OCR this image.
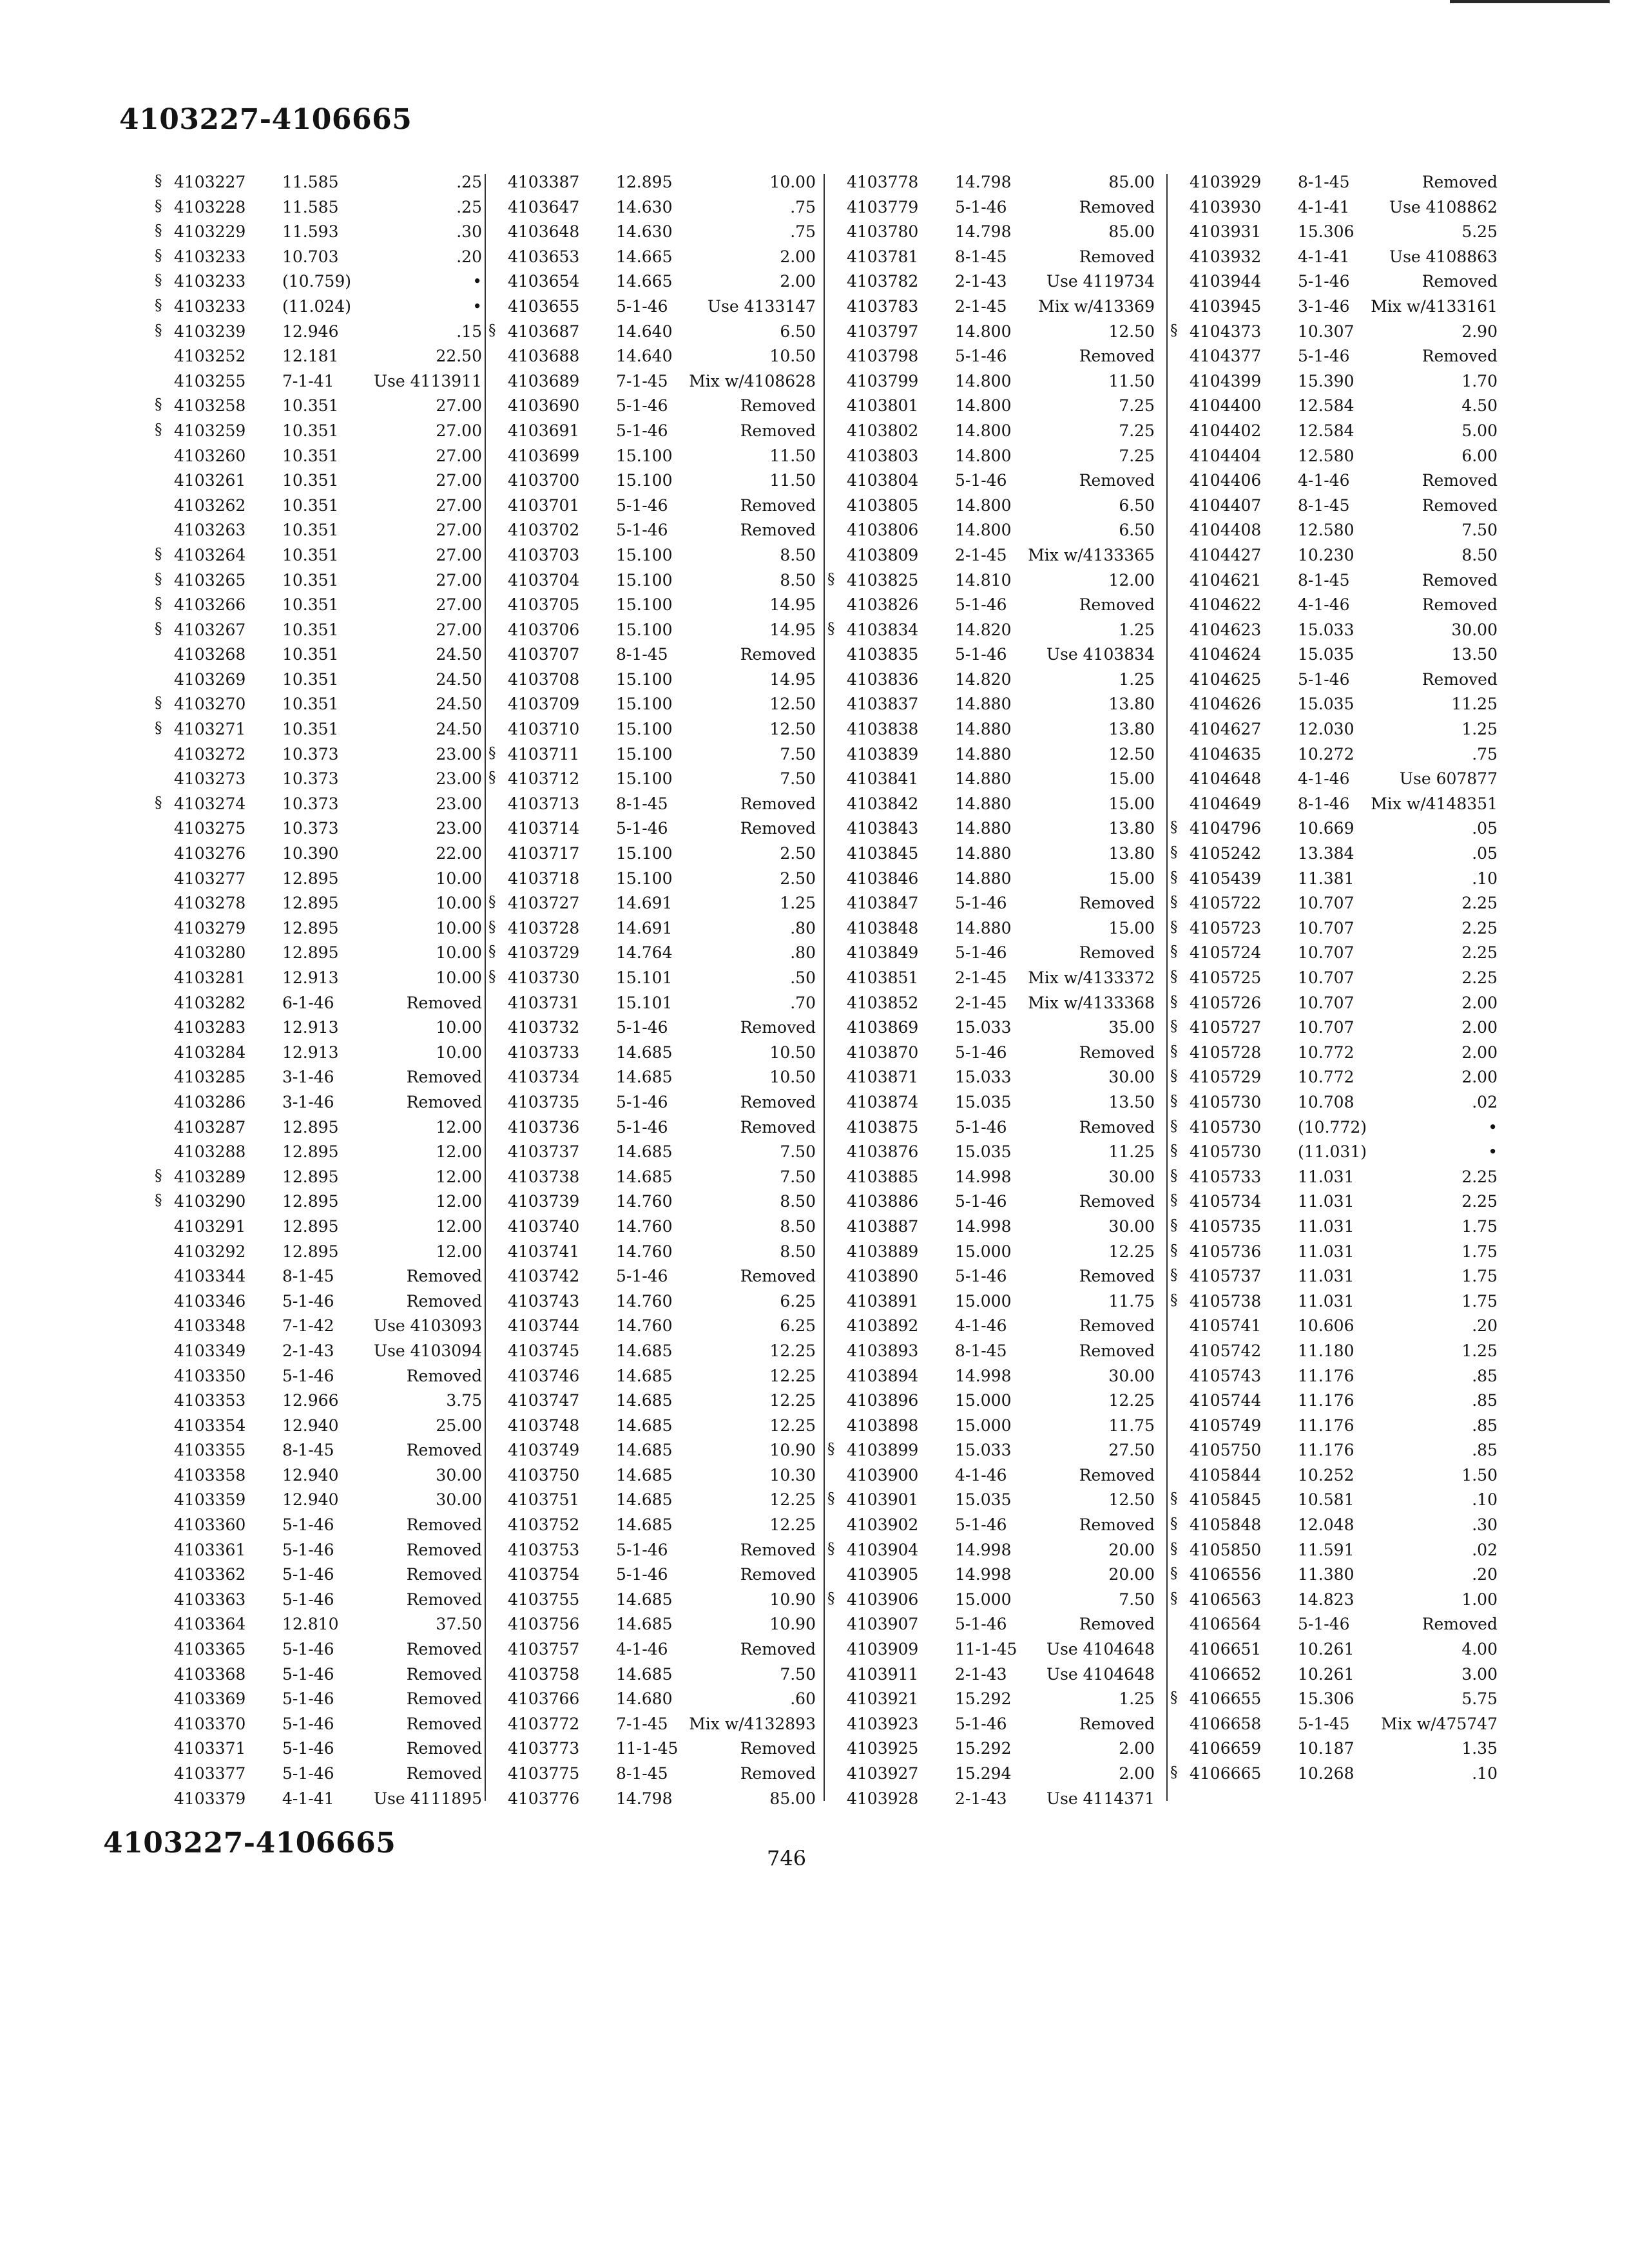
4103227-4106665
§ 4103227 11.585	.25
§ 4103228 11.585	.25
§ 4103229 11.593	.30
§ 4103233 10.703	.20
§ 4103233 (10.759)	•
§ 4103233 (11.024)	•
§ 4103239 12.946	.15
4103252 12.181	22.50
4103255 7-1-41 Use 4113911
§ 4103258 10.351	27.00
§ 4103259 10.351	27.00
4103260 10.351	27.00
4103261 10.351	27.00
4103262 10.351	27.00
4103263 10.351	27.00
§ 4103264 10.351	27.00
§ 4103265 10.351	27.00
§ 4103266 10.351	27.00
§ 4103267 10.351	27.00
4103268 10.351	24.50
4103269 10.351	24.50
§ 4103270 10.351	24.50
§ 4103271 10.351	24.50
4103272 10.373	23.00
4103273 10.373	23.00
§ 4103274 10.373	23.00
4103275 10.373	23.00
4103276 10.390	22.00
4103277 12.895	10.00
4103278 12.895	10.00
4103279 12.895	10.00
4103280 12.895	10.00
4103281 12.913	10.00
4103282 6-1-46	Removed
4103283 12.913	10.00
4103284 12.913	10.00
4103285 3-1-46	Removed
4103286 3-1-46	Removed
4103287 12.895	12.00
4103288 12.895	12.00
§ 4103289 12.895	12.00
§ 4103290 12.895	12.00
4103291 12.895	12.00
4103292 12.895	12.00
4103344 8-1-45	Removed
4103346 5-1-46	Removed
4103348 7-1-42 Use 4103093
4103349 2-1-43 Use 4103094
4103350 5-1-46	Removed
4103353 12.966	3.75
4103354 12.940	25.00
4103355 8-1-45	Removed
4103358 12.940	30.00
4103359 12.940	30.00
4103360 5-1-46	Removed
4103361 5-1-46	Removed
4103362 5-1-46	Removed
4103363 5-1-46	Removed
4103364 12.810	37.50
4103365 5-1-46	Removed
4103368 5-1-46	Removed
4103369 5-1-46	Removed
4103370 5-1-46	Removed
4103371 5-1-46	Removed
4103377 5-1-46	Removed
4103379 4-1-41 Use 4111895
4103387 12.895	10.00
4103647 14.630	.75
4103648 14.630	.75
4103653 14.665	2.00
4103654 14.665	2.00
4103655 5-1-46 Use 4133147
§ 4103687 14.640	6.50
4103688 14.640	10.50
4103689 7-1-45 Mix w/4108628
4103690 5-1-46	Removed
4103691 5-1-46	Removed
4103699 15.100	11.50
4103700 15.100	11.50
4103701 5-1-46	Removed
4103702 5-1-46	Removed
4103703 15.100	8.50
4103704 15.100	8.50
4103705 15.100	14.95
4103706 15.100	14.95
4103707 8-1-45	Removed
4103708 15.100	14.95
4103709 15.100	12.50
4103710 15.100	12.50
§ 4103711 15.100	7.50
§ 4103712 15.100	7.50
4103713 8-1-45	Removed
4103714 5-1-46	Removed
4103717 15.100	2.50
4103718 15.100	2.50
§ 4103727 14.691	1.25
§ 4103728 14.691	.80
§ 4103729 14.764	.80
§ 4103730 15.101	.50
4103731 15.101	.70
4103732 5-1-46	Removed
4103733 14.685	10.50
4103734 14.685	10.50
4103735 5-1-46	Removed
4103736 5-1-46	Removed
4103737 14.685	7.50
4103738 14.685	7.50
4103739 14.760	8.50
4103740 14.760	8.50
4103741 14.760	8.50
4103742 5-1-46	Removed
4103743 14.760	6.25
4103744 14.760	6.25
4103745 14.685	12.25
4103746 14.685	12.25
4103747 14.685	12.25
4103748 14.685	12.25
4103749 14.685	10.90
4103750 14.685	10.30
4103751 14.685	12.25
4103752 14.685	12.25
4103753 5-1-46	Removed
4103754 5-1-46	Removed
4103755 14.685	10.90
4103756 14.685	10.90
4103757 4-1-46	Removed
4103758 14.685	7.50
4103766 14.680	.60
4103772 7-1-45 Mix w/4132893
4103773 11-1-45	Removed
4103775 8-1-45	Removed
4103776 14.798	85.00
4103778 14.798	85.00
4103779 5-1-46	Removed
4103780 14.798	85.00
4103781 8-1-45	Removed
4103782 2-1-43 Use 4119734
4103783 2-1-45 Mix w/413369
4103797 14.800	12.50
4103798 5-1-46	Removed
4103799 14.800	11.50
4103801 14.800	7.25
4103802 14.800	7.25
4103803 14.800	7.25
4103804 5-1-46	Removed
4103805 14.800	6.50
4103806 14.800	6.50
4103809 2-1-45 Mix w/4133365
§ 4103825 14.810	12.00
4103826 5-1-46	Removed
§ 4103834 14.820	1.25
4103835 5-1-46 Use 4103834
4103836 14.820	1.25
4103837 14.880	13.80
4103838 14.880	13.80
4103839 14.880	12.50
4103841 14.880	15.00
4103842 14.880	15.00
4103843 14.880	13.80
4103845 14.880	13.80
4103846 14.880	15.00
4103847 5-1-46	Removed
4103848 14.880	15.00
4103849 5-1-46	Removed
4103851 2-1-45 Mix w/4133372
4103852 2-1-45 Mix w/4133368
4103869 15.033	35.00
4103870 5-1-46	Removed
4103871 15.033	30.00
4103874 15.035	13.50
4103875 5-1-46	Removed
4103876 15.035	11.25
4103885 14.998	30.00
4103886 5-1-46	Removed
4103887 14.998	30.00
4103889 15.000	12.25
4103890 5-1-46	Removed
4103891 15.000	11.75
4103892 4-1-46	Removed
4103893 8-1-45	Removed
4103894 14.998	30.00
4103896 15.000	12.25
4103898 15.000	11.75
§ 4103899 15.033	27.50
4103900 4-1-46	Removed
§ 4103901 15.035	12.50
4103902 5-1-46	Removed
§ 4103904 14.998	20.00
4103905 14.998	20.00
§ 4103906 15.000	7.50
4103907 5-1-46	Removed
4103909 11-1-45 Use 4104648
4103911 2-1-43 Use 4104648
4103921 15.292	1.25
4103923 5-1-46	Removed
4103925 15.292	2.00
4103927 15.294	2.00
4103928 2-1-43 Use 4114371
4103929 8-1-45	Removed
4103930 4-1-41 Use 4108862
4103931 15.306	5.25
4103932 4-1-41 Use 4108863
4103944 5-1-46	Removed
4103945 3-1-46 Mix w/4133161
§ 4104373 10.307	2.90
4104377 5-1-46	Removed
4104399 15.390	1.70
4104400 12.584	4.50
4104402 12.584	5.00
4104404 12.580	6.00
4104406 4-1-46	Removed
4104407 8-1-45	Removed
4104408 12.580	7.50
4104427 10.230	8.50
4104621 8-1-45	Removed
4104622 4-1-46	Removed
4104623 15.033	30.00
4104624 15.035	13.50
4104625 5-1-46	Removed
4104626 15.035	11.25
4104627 12.030	1.25
4104635 10.272	.75
4104648 4-1-46	Use 607877
4104649 8-1-46 Mix w/4148351
§ 4104796 10.669	.05
§ 4105242 13.384	.05
§ 4105439 11.381	.10
§ 4105722 10.707	2.25
§ 4105723 10.707	2.25
§ 4105724 10.707	2.25
§ 4105725 10.707	2.25
§ 4105726 10.707	2.00
§ 4105727 10.707	2.00
§ 4105728 10.772	2.00
§ 4105729 10.772	2.00
§ 4105730 10.708	.02
§ 4105730 (10.772)	•
§ 4105730 (11.031)	•
§ 4105733 11.031	2.25
§ 4105734 11.031	2.25
§ 4105735 11.031	1.75
§ 4105736 11.031	1.75
§ 4105737 11.031	1.75
§ 4105738 11.031	1.75
4105741 10.606	.20
4105742 11.180	1.25
4105743 11.176	.85
4105744 11.176	.85
4105749 11.176	.85
4105750 11.176	.85
4105844 10.252	1.50
§ 4105845 10.581	.10
§ 4105848 12.048	.30
§ 4105850 11.591	.02
§ 4106556 11.380	.20
§ 4106563 14.823	1.00
4106564 5-1-46	Removed
4106651 10.261	4.00
4106652 10.261	3.00
§ 4106655 15.306	5.75
4106658 5-1-45 Mix w/475747
4106659 10.187	1.35
§ 4106665 10.268	.10
4103227-4106665	746
